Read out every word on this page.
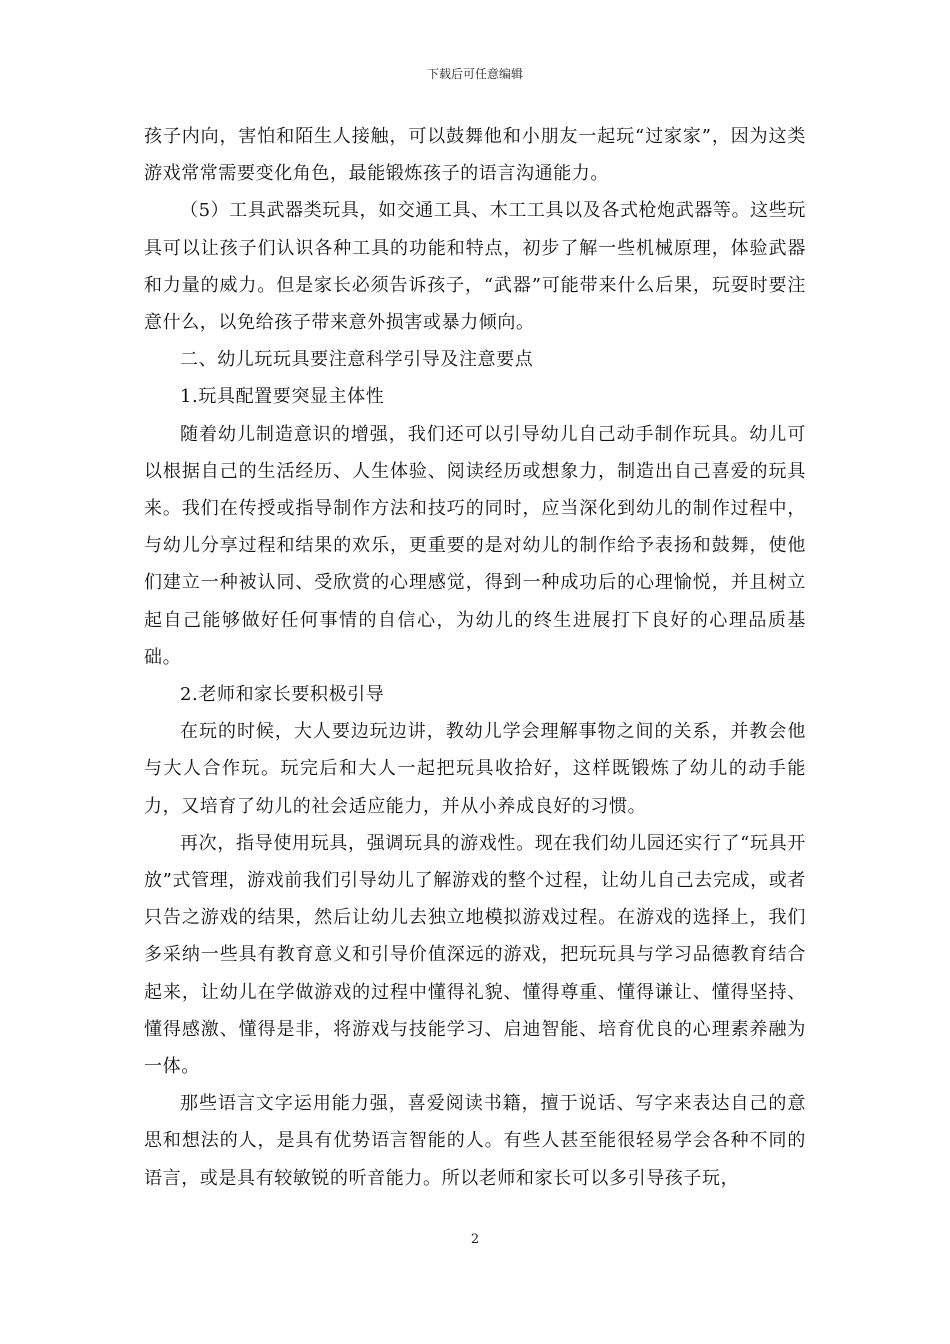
下载后可任意编辑

孩子内向，害怕和陌生人接触，可以鼓舞他和小朋友一起玩“过家家”，因为这类游戏常常需要变化角色，最能锻炼孩子的语言沟通能力。

（5）工具武器类玩具，如交通工具、木工工具以及各式枪炮武器等。这些玩具可以让孩子们认识各种工具的功能和特点，初步了解一些机械原理，体验武器和力量的威力。但是家长必须告诉孩子，“武器”可能带来什么后果，玩耍时要注意什么，以免给孩子带来意外损害或暴力倾向。

二、幼儿玩玩具要注意科学引导及注意要点

1.玩具配置要突显主体性

随着幼儿制造意识的增强，我们还可以引导幼儿自己动手制作玩具。幼儿可以根据自己的生活经历、人生体验、阅读经历或想象力，制造出自己喜爱的玩具来。我们在传授或指导制作方法和技巧的同时，应当深化到幼儿的制作过程中，与幼儿分享过程和结果的欢乐，更重要的是对幼儿的制作给予表扬和鼓舞，使他们建立一种被认同、受欣赏的心理感觉，得到一种成功后的心理愉悦，并且树立起自己能够做好任何事情的自信心，为幼儿的终生进展打下良好的心理品质基础。

2.老师和家长要积极引导

在玩的时候，大人要边玩边讲，教幼儿学会理解事物之间的关系，并教会他与大人合作玩。玩完后和大人一起把玩具收拾好，这样既锻炼了幼儿的动手能力，又培育了幼儿的社会适应能力，并从小养成良好的习惯。

再次，指导使用玩具，强调玩具的游戏性。现在我们幼儿园还实行了“玩具开放”式管理，游戏前我们引导幼儿了解游戏的整个过程，让幼儿自己去完成，或者只告之游戏的结果，然后让幼儿去独立地模拟游戏过程。在游戏的选择上，我们多采纳一些具有教育意义和引导价值深远的游戏，把玩玩具与学习品德教育结合起来，让幼儿在学做游戏的过程中懂得礼貌、懂得尊重、懂得谦让、懂得坚持、懂得感激、懂得是非，将游戏与技能学习、启迪智能、培育优良的心理素养融为一体。

那些语言文字运用能力强，喜爱阅读书籍，擅于说话、写字来表达自己的意思和想法的人，是具有优势语言智能的人。有些人甚至能很轻易学会各种不同的语言，或是具有较敏锐的听音能力。所以老师和家长可以多引导孩子玩，

2
